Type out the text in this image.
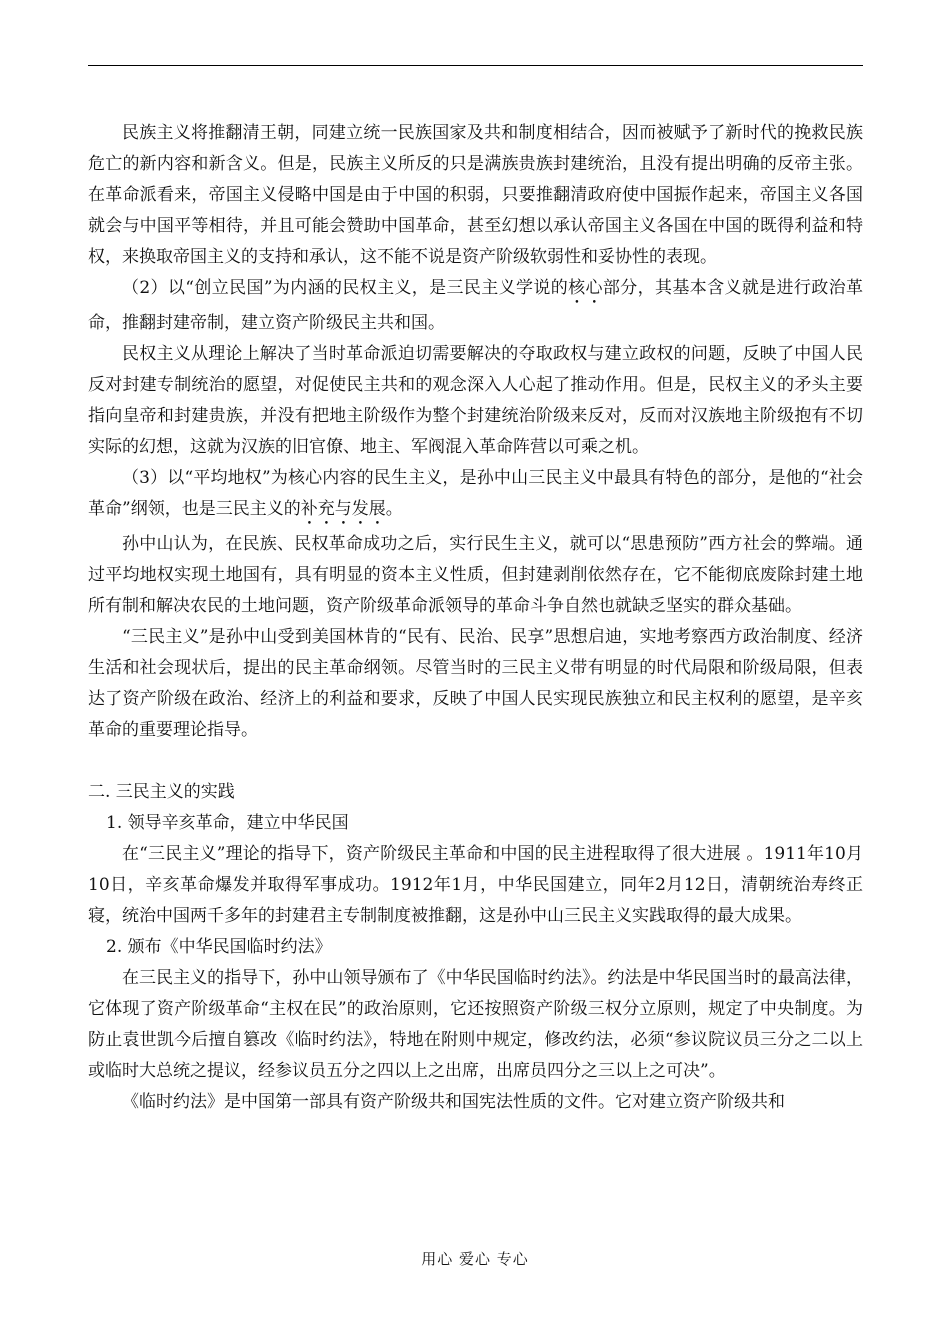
民族主义将推翻清王朝，同建立统一民族国家及共和制度相结合，因而被赋予了新时代的挽救民族危亡的新内容和新含义。但是，民族主义所反的只是满族贵族封建统治，且没有提出明确的反帝主张。在革命派看来，帝国主义侵略中国是由于中国的积弱，只要推翻清政府使中国振作起来，帝国主义各国就会与中国平等相待，并且可能会赞助中国革命，甚至幻想以承认帝国主义各国在中国的既得利益和特权，来换取帝国主义的支持和承认，这不能不说是资产阶级软弱性和妥协性的表现。

（2）以“创立民国”为内涵的民权主义，是三民主义学说的核心部分，其基本含义就是进行政治革命，推翻封建帝制，建立资产阶级民主共和国。

民权主义从理论上解决了当时革命派迫切需要解决的夺取政权与建立政权的问题，反映了中国人民反对封建专制统治的愿望，对促使民主共和的观念深入人心起了推动作用。但是，民权主义的矛头主要指向皇帝和封建贵族，并没有把地主阶级作为整个封建统治阶级来反对，反而对汉族地主阶级抱有不切实际的幻想，这就为汉族的旧官僚、地主、军阀混入革命阵营以可乘之机。

（3）以“平均地权”为核心内容的民生主义，是孙中山三民主义中最具有特色的部分，是他的“社会革命”纲领，也是三民主义的补充与发展。

孙中山认为，在民族、民权革命成功之后，实行民生主义，就可以“思患预防”西方社会的弊端。通过平均地权实现土地国有，具有明显的资本主义性质，但封建剥削依然存在，它不能彻底废除封建土地所有制和解决农民的土地问题，资产阶级革命派领导的革命斗争自然也就缺乏坚实的群众基础。

“三民主义”是孙中山受到美国林肯的“民有、民治、民享”思想启迪，实地考察西方政治制度、经济生活和社会现状后，提出的民主革命纲领。尽管当时的三民主义带有明显的时代局限和阶级局限，但表达了资产阶级在政治、经济上的利益和要求，反映了中国人民实现民族独立和民主权利的愿望，是辛亥革命的重要理论指导。

二. 三民主义的实践

1. 领导辛亥革命，建立中华民国

在“三民主义”理论的指导下，资产阶级民主革命和中国的民主进程取得了很大进展 。1911年10月10日，辛亥革命爆发并取得军事成功。1912年1月，中华民国建立，同年2月12日，清朝统治寿终正寝，统治中国两千多年的封建君主专制制度被推翻，这是孙中山三民主义实践取得的最大成果。

2. 颁布《中华民国临时约法》

在三民主义的指导下，孙中山领导颁布了《中华民国临时约法》。约法是中华民国当时的最高法律，它体现了资产阶级革命“主权在民”的政治原则，它还按照资产阶级三权分立原则，规定了中央制度。为防止袁世凯今后擅自篡改《临时约法》，特地在附则中规定，修改约法，必须“参议院议员三分之二以上或临时大总统之提议，经参议员五分之四以上之出席，出席员四分之三以上之可决”。

《临时约法》是中国第一部具有资产阶级共和国宪法性质的文件。它对建立资产阶级共和

用心 爱心 专心
